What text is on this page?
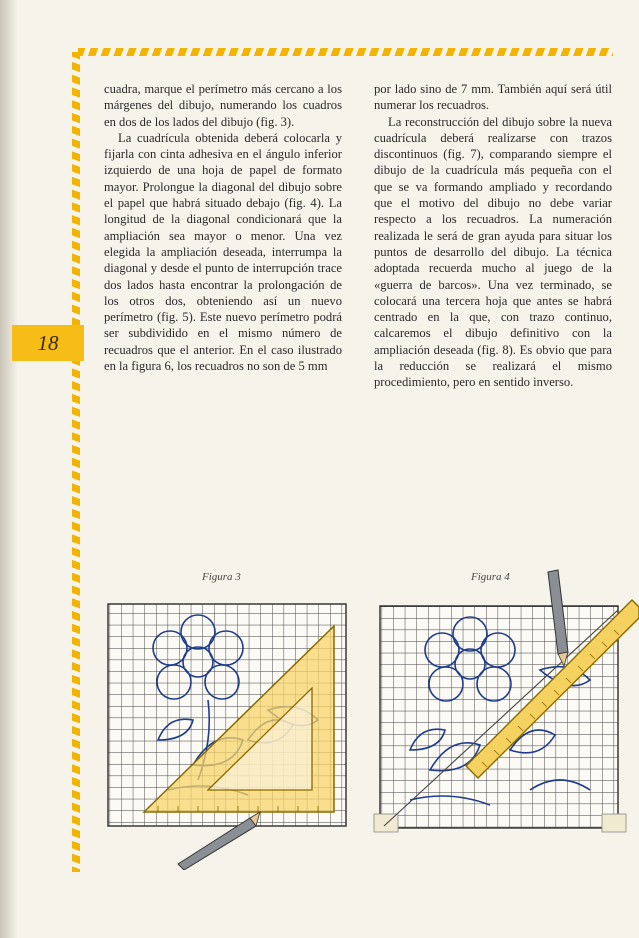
18

cuadra, marque el perímetro más cercano a los márgenes del dibujo, numerando los cuadros en dos de los lados del dibujo (fig. 3).

La cuadrícula obtenida deberá colocarla y fijarla con cinta adhesiva en el ángulo inferior izquierdo de una hoja de papel de formato mayor. Prolongue la diagonal del dibujo sobre el papel que habrá situado debajo (fig. 4). La longitud de la diagonal condicionará que la ampliación sea mayor o menor. Una vez elegida la ampliación deseada, interrumpa la diagonal y desde el punto de interrupción trace dos lados hasta encontrar la prolongación de los otros dos, obteniendo así un nuevo perímetro (fig. 5). Este nuevo perímetro podrá ser subdividido en el mismo número de recuadros que el anterior. En el caso ilustrado en la figura 6, los recuadros no son de 5 mm

por lado sino de 7 mm. También aquí será útil numerar los recuadros.

La reconstrucción del dibujo sobre la nueva cuadrícula deberá realizarse con trazos discontinuos (fig. 7), comparando siempre el dibujo de la cuadrícula más pequeña con el que se va formando ampliado y recordando que el motivo del dibujo no debe variar respecto a los recuadros. La numeración realizada le será de gran ayuda para situar los puntos de desarrollo del dibujo. La técnica adoptada recuerda mucho al juego de la «guerra de barcos». Una vez terminado, se colocará una tercera hoja que antes se habrá centrado en la que, con trazo continuo, calcaremos el dibujo definitivo con la ampliación deseada (fig. 8). Es obvio que para la reducción se realizará el mismo procedimiento, pero en sentido inverso.

Figura 3	Figura 4
